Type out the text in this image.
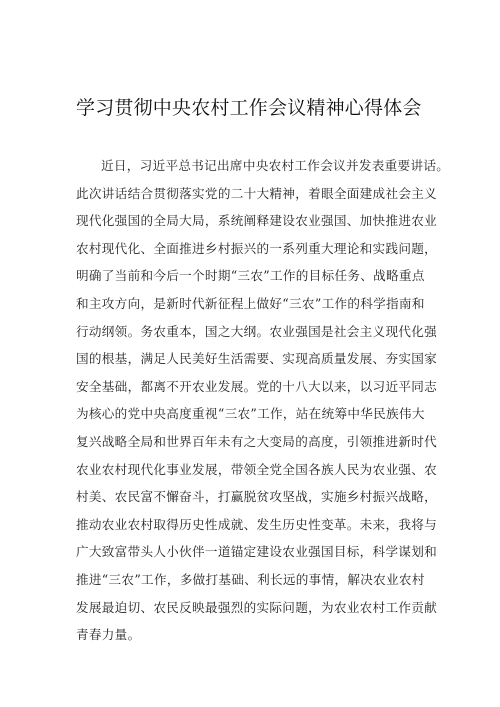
学习贯彻中央农村工作会议精神心得体会
近日，习近平总书记出席中央农村工作会议并发表重要讲话。
此次讲话结合贯彻落实党的二十大精神，着眼全面建成社会主义
现代化强国的全局大局，系统阐释建设农业强国、加快推进农业
农村现代化、全面推进乡村振兴的一系列重大理论和实践问题，
明确了当前和今后一个时期“三农”工作的目标任务、战略重点
和主攻方向，是新时代新征程上做好“三农”工作的科学指南和
行动纲领。务农重本，国之大纲。农业强国是社会主义现代化强
国的根基，满足人民美好生活需要、实现高质量发展、夯实国家
安全基础，都离不开农业发展。党的十八大以来，以习近平同志
为核心的党中央高度重视“三农”工作，站在统筹中华民族伟大
复兴战略全局和世界百年未有之大变局的高度，引领推进新时代
农业农村现代化事业发展，带领全党全国各族人民为农业强、农
村美、农民富不懈奋斗，打赢脱贫攻坚战，实施乡村振兴战略，
推动农业农村取得历史性成就、发生历史性变革。未来，我将与
广大致富带头人小伙伴一道锚定建设农业强国目标，科学谋划和
推进“三农”工作，多做打基础、利长远的事情，解决农业农村
发展最迫切、农民反映最强烈的实际问题，为农业农村工作贡献
青春力量。
